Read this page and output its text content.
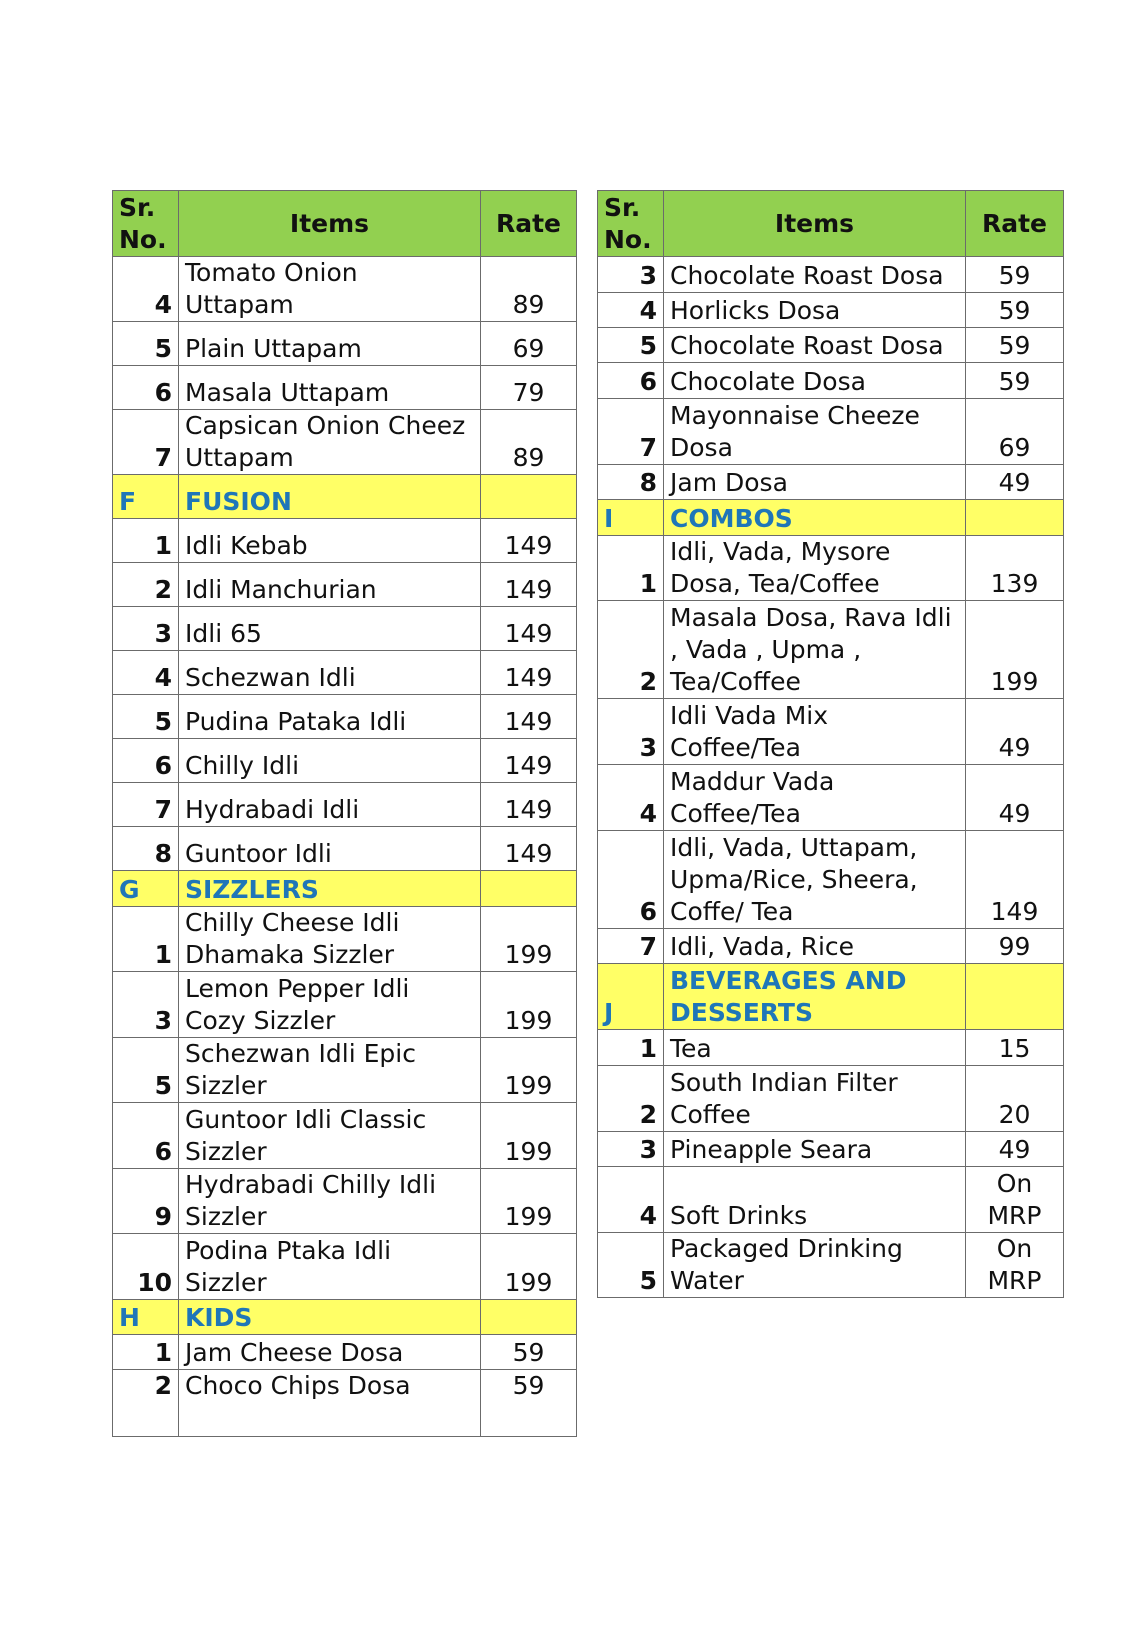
Sr. No.	Items	Rate
4	Tomato Onion Uttapam	89
5	Plain Uttapam	69
6	Masala Uttapam	79
7	Capsican Onion Cheez Uttapam	89
F	FUSION	
1	Idli Kebab	149
2	Idli Manchurian	149
3	Idli 65	149
4	Schezwan Idli	149
5	Pudina Pataka Idli	149
6	Chilly Idli	149
7	Hydrabadi Idli	149
8	Guntoor Idli	149
G	SIZZLERS	
1	Chilly Cheese Idli Dhamaka Sizzler	199
3	Lemon Pepper Idli Cozy Sizzler	199
5	Schezwan Idli Epic Sizzler	199
6	Guntoor Idli Classic Sizzler	199
9	Hydrabadi Chilly Idli Sizzler	199
10	Podina Ptaka Idli Sizzler	199
H	KIDS	
1	Jam Cheese Dosa	59
2	Choco Chips Dosa	59
Sr. No.	Items	Rate
3	Chocolate Roast Dosa	59
4	Horlicks Dosa	59
5	Chocolate Roast Dosa	59
6	Chocolate Dosa	59
7	Mayonnaise Cheeze Dosa	69
8	Jam Dosa	49
I	COMBOS	
1	Idli, Vada, Mysore Dosa, Tea/Coffee	139
2	Masala Dosa, Rava Idli , Vada , Upma , Tea/Coffee	199
3	Idli Vada Mix Coffee/Tea	49
4	Maddur Vada Coffee/Tea	49
6	Idli, Vada, Uttapam, Upma/Rice, Sheera, Coffe/ Tea	149
7	Idli, Vada, Rice	99
J	BEVERAGES AND DESSERTS	
1	Tea	15
2	South Indian Filter Coffee	20
3	Pineapple Seara	49
4	Soft Drinks	On MRP
5	Packaged Drinking Water	On MRP
